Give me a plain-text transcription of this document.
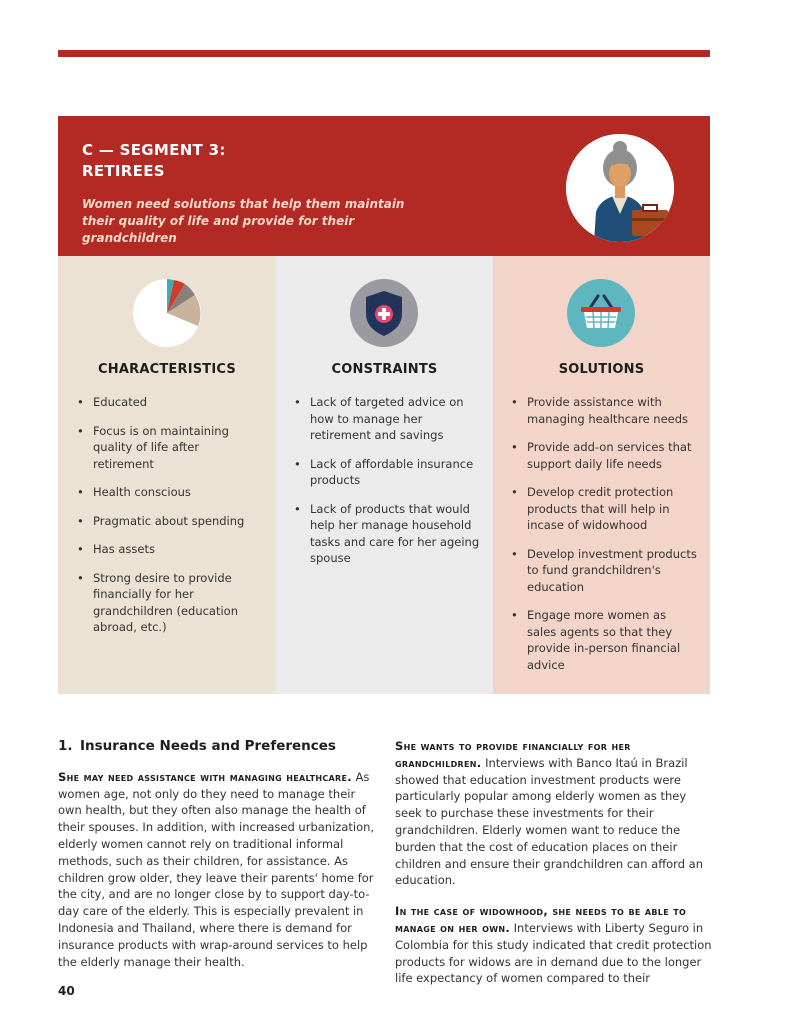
C — SEGMENT 3:
RETIREES
Women need solutions that help them maintain their quality of life and provide for their grandchildren
CHARACTERISTICS
• Educated
• Focus is on maintaining quality of life after retirement
• Health conscious
• Pragmatic about spending
• Has assets
• Strong desire to provide financially for her grandchildren (education abroad, etc.)
CONSTRAINTS
• Lack of targeted advice on how to manage her retirement and savings
• Lack of affordable insurance products
• Lack of products that would help her manage household tasks and care for her ageing spouse
SOLUTIONS
• Provide assistance with managing healthcare needs
• Provide add-on services that support daily life needs
• Develop credit protection products that will help in incase of widowhood
• Develop investment products to fund grandchildren's education
• Engage more women as sales agents so that they provide in-person financial advice
1. Insurance Needs and Preferences

She may need assistance with managing healthcare. As women age, not only do they need to manage their own health, but they often also manage the health of their spouses. In addition, with increased urbanization, elderly women cannot rely on traditional informal methods, such as their children, for assistance. As children grow older, they leave their parents' home for the city, and are no longer close by to support day-to-day care of the elderly. This is especially prevalent in Indonesia and Thailand, where there is demand for insurance products with wrap-around services to help the elderly manage their health.

She wants to provide financially for her grandchildren. Interviews with Banco Itaú in Brazil showed that education investment products were particularly popular among elderly women as they seek to purchase these investments for their grandchildren. Elderly women want to reduce the burden that the cost of education places on their children and ensure their grandchildren can afford an education.

In the case of widowhood, she needs to be able to manage on her own. Interviews with Liberty Seguro in Colombia for this study indicated that credit protection products for widows are in demand due to the longer life expectancy of women compared to their

40
